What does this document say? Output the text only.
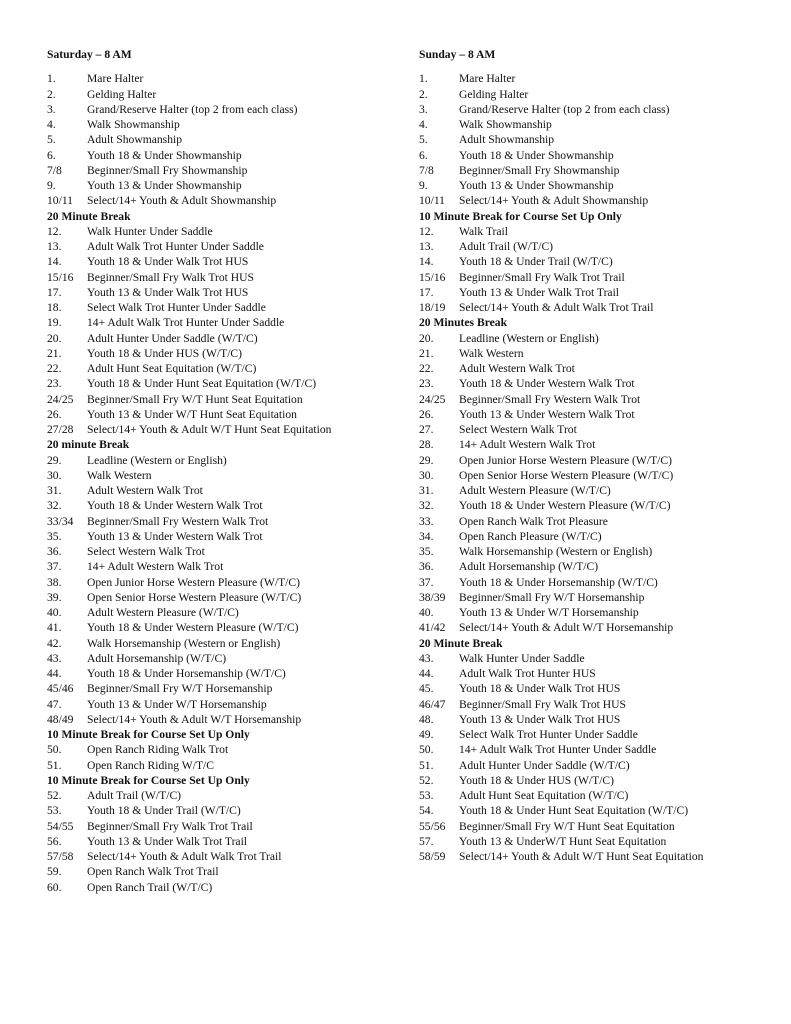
Saturday – 8 AM
1.	Mare Halter
2.	Gelding Halter
3.	Grand/Reserve Halter (top 2 from each class)
4.	Walk Showmanship
5.	Adult Showmanship
6.	Youth 18 & Under Showmanship
7/8 Beginner/Small Fry Showmanship
9.	Youth 13 & Under Showmanship
10/11 Select/14+ Youth & Adult Showmanship
20 Minute Break
12. Walk Hunter Under Saddle
13. Adult Walk Trot Hunter Under Saddle
14. Youth 18 & Under Walk Trot HUS
15/16 Beginner/Small Fry Walk Trot HUS
17. Youth 13 & Under Walk Trot HUS
18. Select Walk Trot Hunter Under Saddle
19. 14+ Adult Walk Trot Hunter Under Saddle
20. Adult Hunter Under Saddle (W/T/C)
21. Youth 18 & Under HUS (W/T/C)
22. Adult Hunt Seat Equitation (W/T/C)
23. Youth 18 & Under Hunt Seat Equitation (W/T/C)
24/25 Beginner/Small Fry W/T Hunt Seat Equitation
26. Youth 13 & Under W/T Hunt Seat Equitation
27/28 Select/14+ Youth & Adult W/T Hunt Seat Equitation
20 minute Break
29. Leadline (Western or English)
30. Walk Western
31. Adult Western Walk Trot
32. Youth 18 & Under Western Walk Trot
33/34 Beginner/Small Fry Western Walk Trot
35. Youth 13 & Under Western Walk Trot
36. Select Western Walk Trot
37. 14+ Adult Western Walk Trot
38. Open Junior Horse Western Pleasure (W/T/C)
39. Open Senior Horse Western Pleasure (W/T/C)
40. Adult Western Pleasure (W/T/C)
41. Youth 18 & Under Western Pleasure (W/T/C)
42. Walk Horsemanship (Western or English)
43. Adult Horsemanship (W/T/C)
44. Youth 18 & Under Horsemanship (W/T/C)
45/46 Beginner/Small Fry W/T Horsemanship
47. Youth 13 & Under W/T Horsemanship
48/49 Select/14+ Youth & Adult W/T Horsemanship
10 Minute Break for Course Set Up Only
50. Open Ranch Riding Walk Trot
51. Open Ranch Riding W/T/C
10 Minute Break for Course Set Up Only
52. Adult Trail (W/T/C)
53. Youth 18 & Under Trail (W/T/C)
54/55 Beginner/Small Fry Walk Trot Trail
56. Youth 13 & Under Walk Trot Trail
57/58 Select/14+ Youth & Adult Walk Trot Trail
59. Open Ranch Walk Trot Trail
60. Open Ranch Trail (W/T/C)
Sunday – 8 AM
1.	Mare Halter
2.	Gelding Halter
3.	Grand/Reserve Halter (top 2 from each class)
4.	Walk Showmanship
5.	Adult Showmanship
6.	Youth 18 & Under Showmanship
7/8 Beginner/Small Fry Showmanship
9.	Youth 13 & Under Showmanship
10/11 Select/14+ Youth & Adult Showmanship
10 Minute Break for Course Set Up Only
12. Walk Trail
13. Adult Trail (W/T/C)
14. Youth 18 & Under Trail (W/T/C)
15/16 Beginner/Small Fry Walk Trot Trail
17. Youth 13 & Under Walk Trot Trail
18/19 Select/14+ Youth & Adult Walk Trot Trail
20 Minutes Break
20. Leadline (Western or English)
21. Walk Western
22. Adult Western Walk Trot
23. Youth 18 & Under Western Walk Trot
24/25 Beginner/Small Fry Western Walk Trot
26. Youth 13 & Under Western Walk Trot
27. Select Western Walk Trot
28. 14+ Adult Western Walk Trot
29. Open Junior Horse Western Pleasure (W/T/C)
30. Open Senior Horse Western Pleasure (W/T/C)
31. Adult Western Pleasure (W/T/C)
32. Youth 18 & Under Western Pleasure (W/T/C)
33. Open Ranch Walk Trot Pleasure
34. Open Ranch Pleasure (W/T/C)
35. Walk Horsemanship (Western or English)
36. Adult Horsemanship (W/T/C)
37. Youth 18 & Under Horsemanship (W/T/C)
38/39 Beginner/Small Fry W/T Horsemanship
40. Youth 13 & Under W/T Horsemanship
41/42 Select/14+ Youth & Adult W/T Horsemanship
20 Minute Break
43. Walk Hunter Under Saddle
44. Adult Walk Trot Hunter HUS
45. Youth 18 & Under Walk Trot HUS
46/47 Beginner/Small Fry Walk Trot HUS
48. Youth 13 & Under Walk Trot HUS
49. Select Walk Trot Hunter Under Saddle
50. 14+ Adult Walk Trot Hunter Under Saddle
51. Adult Hunter Under Saddle (W/T/C)
52. Youth 18 & Under HUS (W/T/C)
53. Adult Hunt Seat Equitation (W/T/C)
54. Youth 18 & Under Hunt Seat Equitation (W/T/C)
55/56 Beginner/Small Fry W/T Hunt Seat Equitation
57. Youth 13 & UnderW/T Hunt Seat Equitation
58/59 Select/14+ Youth & Adult W/T Hunt Seat Equitation
